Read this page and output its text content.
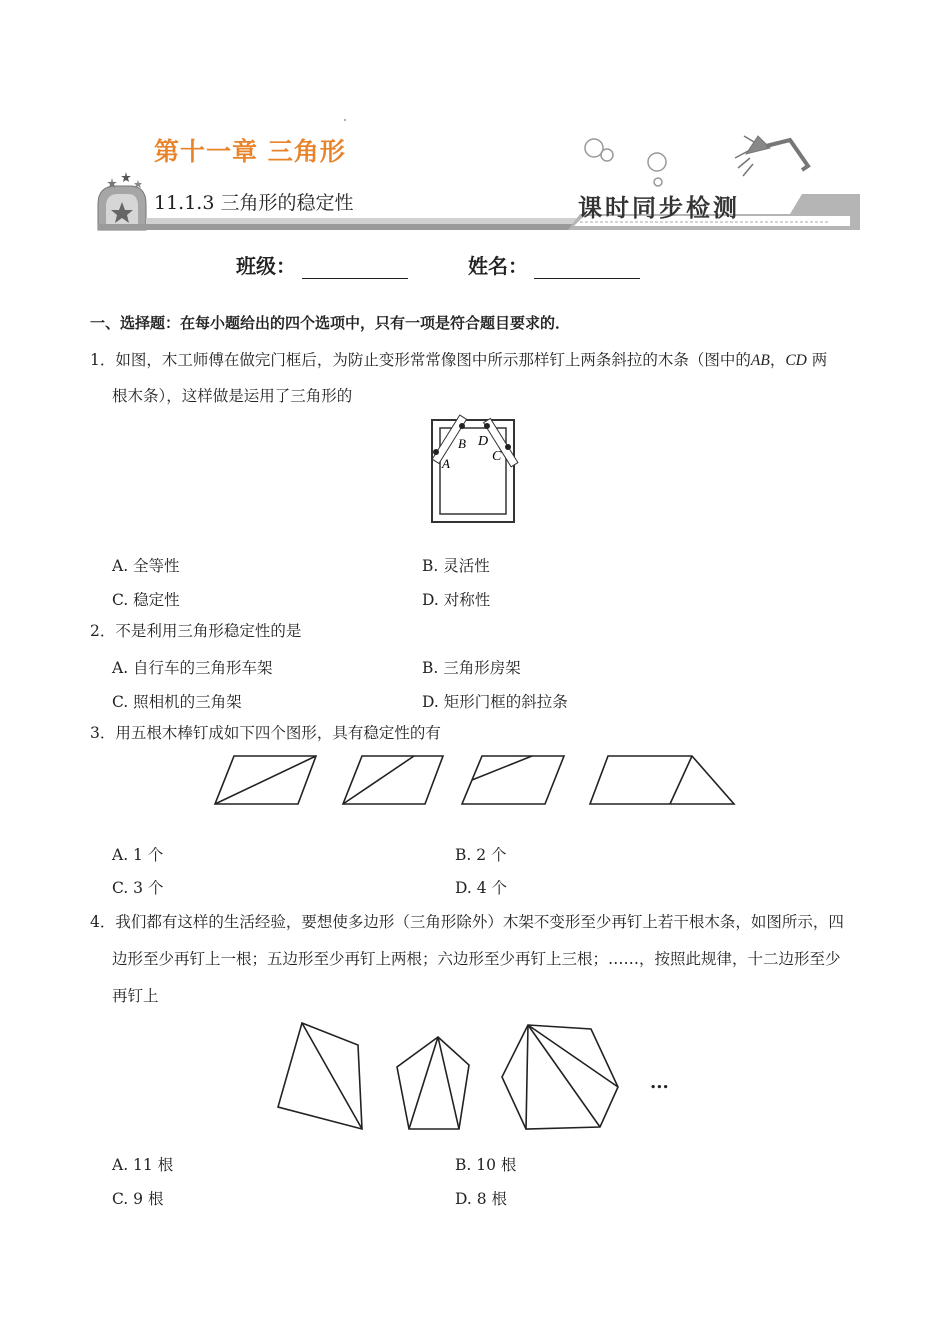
第十一章 三角形
11.1.3 三角形的稳定性	课时同步检测
班级：	姓名：
一、选择题：在每小题给出的四个选项中，只有一项是符合题目要求的．
1．如图，木工师傅在做完门框后，为防止变形常常像图中所示那样钉上两条斜拉的木条（图中的AB，CD 两
根木条），这样做是运用了三角形的
A
B D
C
A. 全等性	B. 灵活性
C. 稳定性	D. 对称性
2．不是利用三角形稳定性的是
A. 自行车的三角形车架	B. 三角形房架
C. 照相机的三角架	D. 矩形门框的斜拉条
3．用五根木棒钉成如下四个图形，具有稳定性的有
A. 1 个	B. 2 个
C. 3 个	D. 4 个
4．我们都有这样的生活经验，要想使多边形（三角形除外）木架不变形至少再钉上若干根木条，如图所示，四
边形至少再钉上一根；五边形至少再钉上两根；六边形至少再钉上三根；……，按照此规律，十二边形至少
再钉上
...
A. 11 根	B. 10 根
C. 9 根	D. 8 根
